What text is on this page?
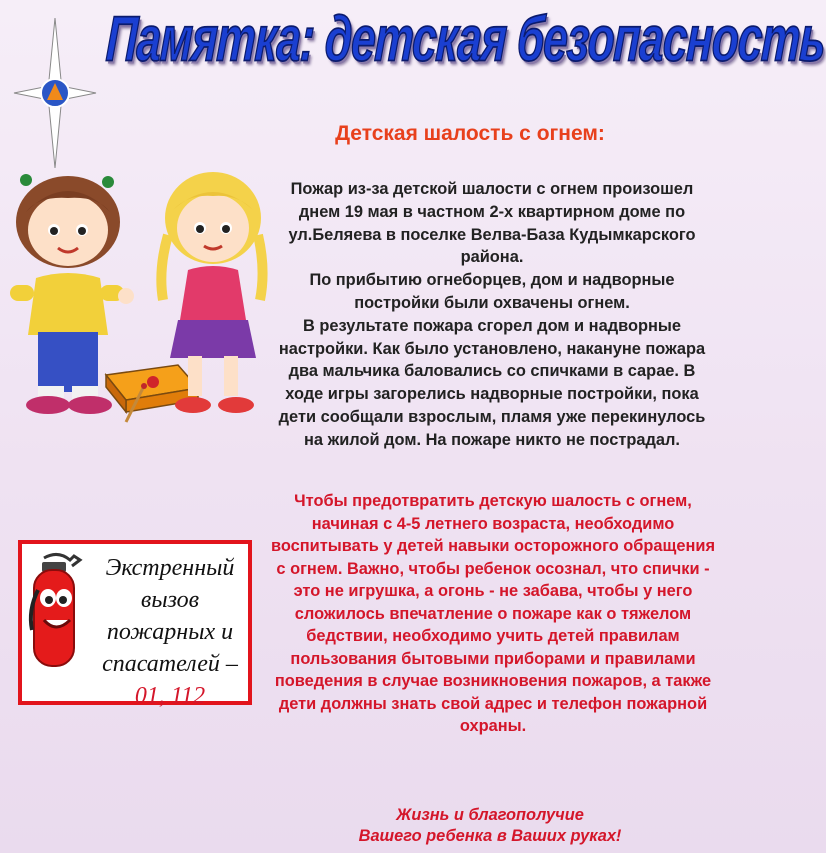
Памятка: детская безопасность
Детская шалость с огнем:

Пожар из-за детской шалости с огнем произошел днем 19 мая в частном 2-х квартирном доме по ул.Беляева в поселке Велва-База Кудымкарского района.

По прибытию огнеборцев, дом и надворные постройки были охвачены огнем.

В результате пожара сгорел дом и надворные настройки. Как было установлено, накануне пожара два мальчика баловались со спичками в сарае. В ходе игры загорелись надворные постройки, пока дети сообщали взрослым, пламя уже перекинулось на жилой дом. На пожаре никто не пострадал.

Экстренный
вызов
пожарных и
спасателей –
01, 112

Чтобы предотвратить детскую шалость с огнем, начиная с 4-5 летнего возраста, необходимо воспитывать у детей навыки осторожного обращения с огнем. Важно, чтобы ребенок осознал, что спички - это не игрушка, а огонь - не забава, чтобы у него сложилось впечатление о пожаре как о тяжелом бедствии, необходимо учить детей правилам пользования бытовыми приборами и правилами поведения в случае возникновения пожаров, а также дети должны знать свой адрес и телефон пожарной охраны.

Жизнь и благополучие

Вашего ребенка в Ваших руках!
